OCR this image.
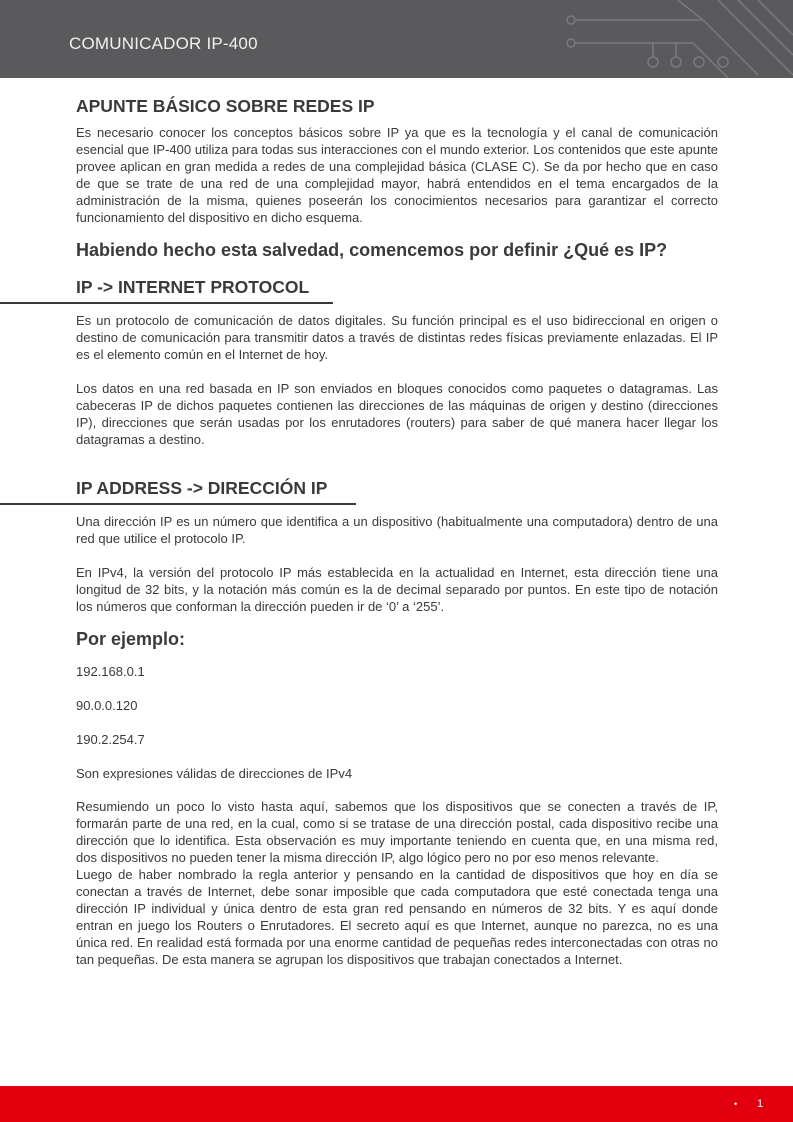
COMUNICADOR IP-400
APUNTE BÁSICO SOBRE REDES IP

Es necesario conocer los conceptos básicos sobre IP ya que es la tecnología y el canal de comunicación esencial que IP-400 utiliza para todas sus interacciones con el mundo exterior. Los contenidos que este apunte provee aplican en gran medida a redes de una complejidad básica (CLASE C). Se da por hecho que en caso de que se trate de una red de una complejidad mayor, habrá entendidos en el tema encargados de la administración de la misma, quienes poseerán los conocimientos necesarios para garantizar el correcto funcionamiento del dispositivo en dicho esquema.

Habiendo hecho esta salvedad, comencemos por definir ¿Qué es IP?
IP -> INTERNET PROTOCOL

Es un protocolo de comunicación de datos digitales. Su función principal es el uso bidireccional en origen o destino de comunicación para transmitir datos a través de distintas redes físicas previamente enlazadas. El IP es el elemento común en el Internet de hoy.

Los datos en una red basada en IP son enviados en bloques conocidos como paquetes o datagramas. Las cabeceras IP de dichos paquetes contienen las direcciones de las máquinas de origen y destino (direcciones IP), direcciones que serán usadas por los enrutadores (routers) para saber de qué manera hacer llegar los datagramas a destino.

IP ADDRESS -> DIRECCIÓN IP

Una dirección IP es un número que identifica a un dispositivo (habitualmente una computadora) dentro de una red que utilice el protocolo IP.

En IPv4, la versión del protocolo IP más establecida en la actualidad en Internet, esta dirección tiene una longitud de 32 bits, y la notación más común es la de decimal separado por puntos. En este tipo de notación los números que conforman la dirección pueden ir de ‘0’ a ‘255’.

Por ejemplo:
192.168.0.1
90.0.0.120
190.2.254.7
Son expresiones válidas de direcciones de IPv4

Resumiendo un poco lo visto hasta aquí, sabemos que los dispositivos que se conecten a través de IP, formarán parte de una red, en la cual, como si se tratase de una dirección postal, cada dispositivo recibe una dirección que lo identifica. Esta observación es muy importante teniendo en cuenta que, en una misma red, dos dispositivos no pueden tener la misma dirección IP, algo lógico pero no por eso menos relevante.

Luego de haber nombrado la regla anterior y pensando en la cantidad de dispositivos que hoy en día se conectan a través de Internet, debe sonar imposible que cada computadora que esté conectada tenga una dirección IP individual y única dentro de esta gran red pensando en números de 32 bits. Y es aquí donde entran en juego los Routers o Enrutadores. El secreto aquí es que Internet, aunque no parezca, no es una única red. En realidad está formada por una enorme cantidad de pequeñas redes interconectadas con otras no tan pequeñas. De esta manera se agrupan los dispositivos que trabajan conectados a Internet.

• 1
